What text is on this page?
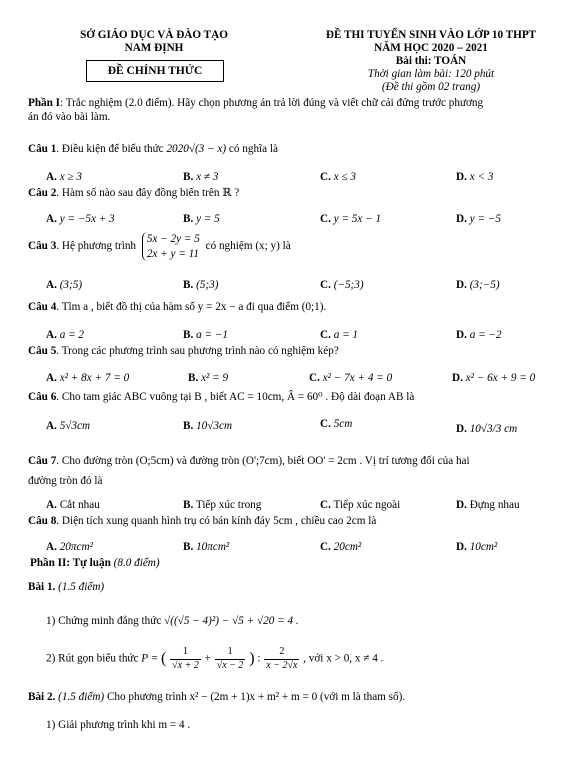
SỞ GIÁO DỤC VÀ ĐÀO TẠO
NAM ĐỊNH
ĐỀ CHÍNH THỨC
ĐỀ THI TUYỂN SINH VÀO LỚP 10 THPT
NĂM HỌC 2020 – 2021
Bài thi: TOÁN
Thời gian làm bài: 120 phút
(Đề thi gồm 02 trang)
Phần I: Trắc nghiệm (2.0 điểm). Hãy chọn phương án trả lời đúng và viết chữ cái đứng trước phương
án đó vào bài làm.
Câu 1. Điều kiện để biểu thức 2020√(3 − x) có nghĩa là
A. x ≥ 3	B. x ≠ 3	C. x ≤ 3	D. x < 3
Câu 2. Hàm số nào sau đây đồng biến trên ℝ ?
A. y = −5x + 3	B. y = 5	C. y = 5x − 1	D. y = −5
Câu 3. Hệ phương trình
5x − 2y = 5
2x + y = 11
có nghiệm (x; y) là
A. (3;5)	B. (5;3)	C. (−5;3)	D. (3;−5)
Câu 4. Tìm a , biết đồ thị của hàm số y = 2x − a đi qua điểm (0;1).
A. a = 2	B. a = −1	C. a = 1	D. a = −2
Câu 5. Trong các phương trình sau phương trình nào có nghiệm kép?
A. x² + 8x + 7 = 0	B. x² = 9	C. x² − 7x + 4 = 0	D. x² − 6x + 9 = 0
Câu 6. Cho tam giác ABC vuông tại B , biết AC = 10cm, Â = 60⁰ . Độ dài đoạn AB là
A. 5√3cm	B. 10√3cm	C. 5cm	D. 10√3/3 cm
Câu 7. Cho đường tròn (O;5cm) và đường tròn (O';7cm), biết OO' = 2cm . Vị trí tương đối của hai
đường tròn đó là
A. Cắt nhau	B. Tiếp xúc trong	C. Tiếp xúc ngoài	D. Đựng nhau
Câu 8. Diện tích xung quanh hình trụ có bán kính đáy 5cm , chiều cao 2cm là
A. 20πcm²	B. 10πcm²	C. 20cm²	D. 10cm²
Phần II: Tự luận (8.0 điểm)
Bài 1. (1.5 điểm)
1) Chứng minh đẳng thức √((√5 − 4)²) − √5 + √20 = 4 .
2) Rút gọn biểu thức P = ( $\frac{1}{√x + 2} + \frac{1}{√x - 2}$ ) : $\frac{2}{x - 2√x}$ , với x > 0, x ≠ 4 .
Bài 2. (1.5 điểm) Cho phương trình x² − (2m + 1)x + m² + m = 0 (với m là tham số).
1) Giải phương trình khi m = 4 .
